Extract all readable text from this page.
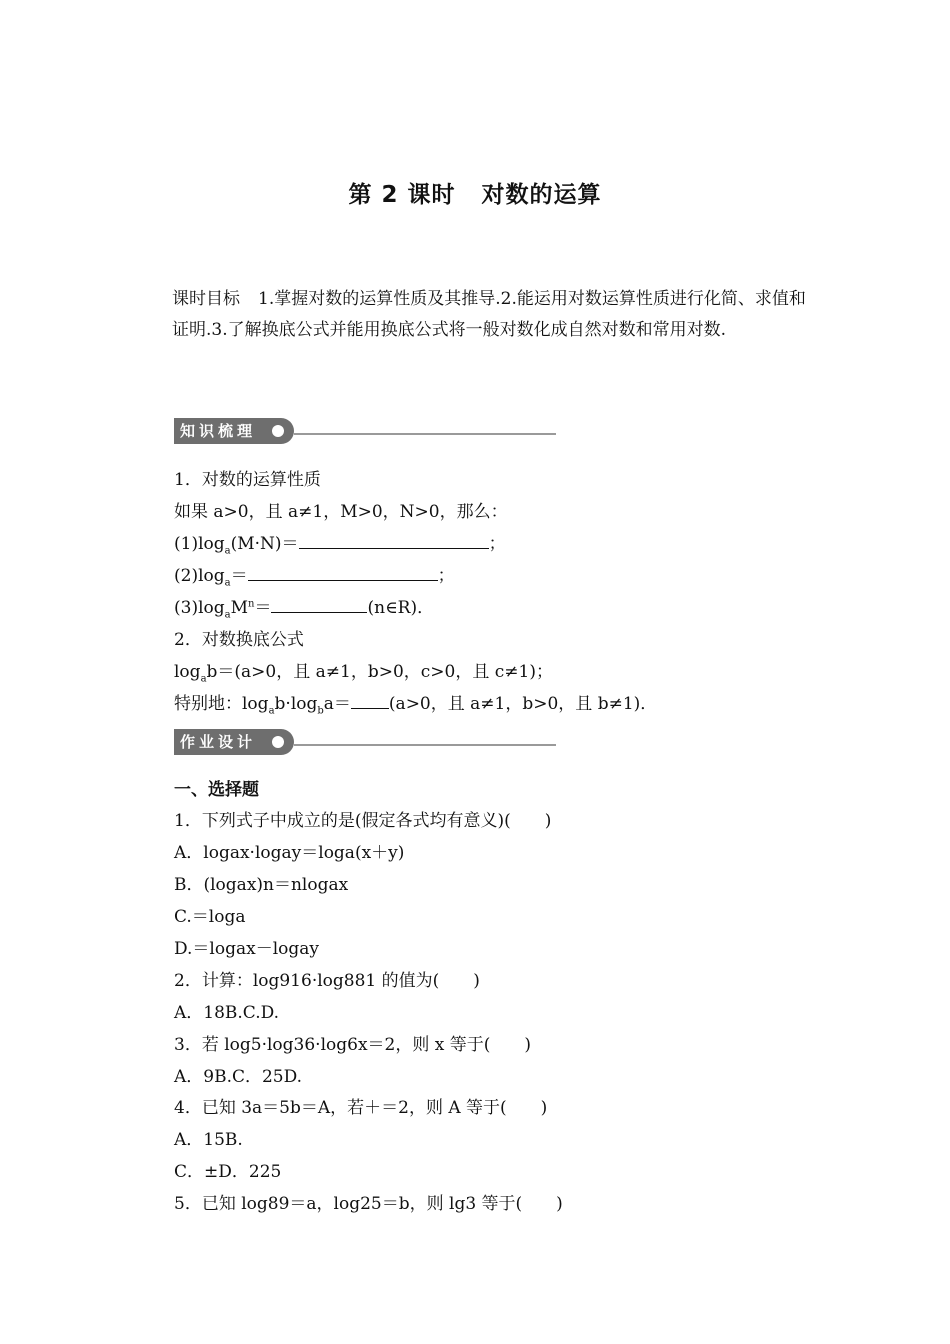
第 2 课时 对数的运算
课时目标 1.掌握对数的运算性质及其推导.2.能运用对数运算性质进行化简、求值和证明.3.了解换底公式并能用换底公式将一般对数化成自然对数和常用对数.
知识梳理
1．对数的运算性质
如果 a>0，且 a≠1，M>0，N>0，那么：
$(1)\log_a(M\cdot N)=$	；
$(2)\log_a=$	；
$(3)\log_aM^n=$	(n∈R)．
2．对数换底公式
$\log_ab=(a>0$，且 a≠1，b>0，c>0，且 c≠1)；
特别地：$\log_ab\cdot\log_ba= (a>0$，且 a≠1，b>0，且 b≠1)．
作业设计
一、选择题
1．下列式子中成立的是(假定各式均有意义)(　　)
A．logax·logay＝loga(x＋y)
B．(logax)n＝nlogax
C.＝loga
D.＝logax－logay
2．计算：log916·log881 的值为(　　)
A．18B.C.D.
3．若 log5·log36·log6x＝2，则 x 等于(　　)
A．9B.C．25D.
4．已知 3a＝5b＝A，若＋＝2，则 A 等于(　　)
A．15B.
C．±D．225
5．已知 log89＝a，log25＝b，则 lg3 等于(　　)
